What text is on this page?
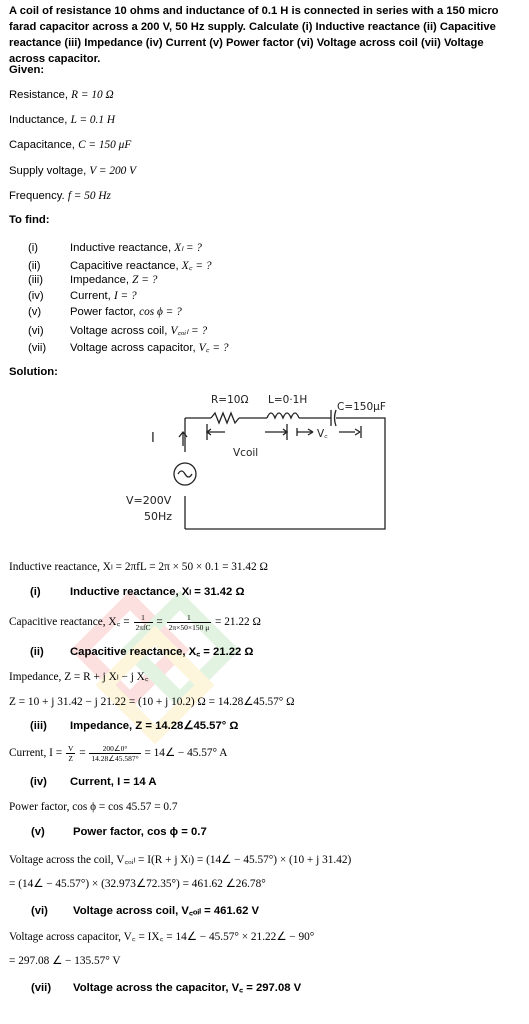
A coil of resistance 10 ohms and inductance of 0.1 H is connected in series with a 150 micro farad capacitor across a 200 V, 50 Hz supply. Calculate (i) Inductive reactance (ii) Capacitive reactance (iii) Impedance (iv) Current (v) Power factor (vi) Voltage across coil (vii) Voltage across capacitor.
Given:
Resistance, R = 10 Ω
Inductance, L = 0.1 H
Capacitance, C = 150 μF
Supply voltage, V = 200 V
Frequency. f = 50 Hz
To find:
(i)	Inductive reactance, Xₗ = ?
(ii)	Capacitive reactance, X꜀ = ?
(iii) Impedance, Z = ?
(iv) Current, I = ?
(v)	Power factor, cos ϕ = ?
(vi) Voltage across coil, V꜀ₒᵢₗ = ?
(vii) Voltage across capacitor, V꜀ = ?
Solution:
R=10Ω L=0·1H
C=150μF
I
Vcoil
V꜀
V=200V
50Hz
Inductive reactance, Xₗ = 2πfL = 2π × 50 × 0.1 = 31.42 Ω
(i)	Inductive reactance, Xₗ = 31.42 Ω
Capacitive reactance, X꜀ = $\frac{1}{\text{2πfC}} = \frac{1}{2\pi\times 50\times 150 \mu} = 21.22$ Ω
(ii) Capacitive reactance, X꜀ = 21.22 Ω
Impedance, Z = R + j Xₗ − j X꜀
Z = 10 + j 31.42 − j 21.22 = (10 + j 10.2) Ω = 14.28∠45.57° Ω
(iii) Impedance, Z = 14.28∠45.57° Ω
Current, $I = \frac{V}{Z} = \frac{200\angle 0^\circ}{14.28\angle 45.587^\circ}$ = 14∠ − 45.57° A
(iv) Current, I = 14 A
Power factor, cos ϕ = cos 45.57 = 0.7
(v) Power factor, cos ϕ = 0.7
Voltage across the coil, V꜀ₒᵢₗ = I(R + j Xₗ) = (14∠ − 45.57°) × (10 + j 31.42)
= (14∠ − 45.57°) × (32.973∠72.35°) = 461.62 ∠26.78°
(vi) Voltage across coil, V꜀ₒᵢₗ = 461.62 V
Voltage across capacitor, V꜀ = IX꜀ = 14∠ − 45.57° × 21.22∠ − 90°
= 297.08 ∠ − 135.57° V
(vii) Voltage across the capacitor, V꜀ = 297.08 V
